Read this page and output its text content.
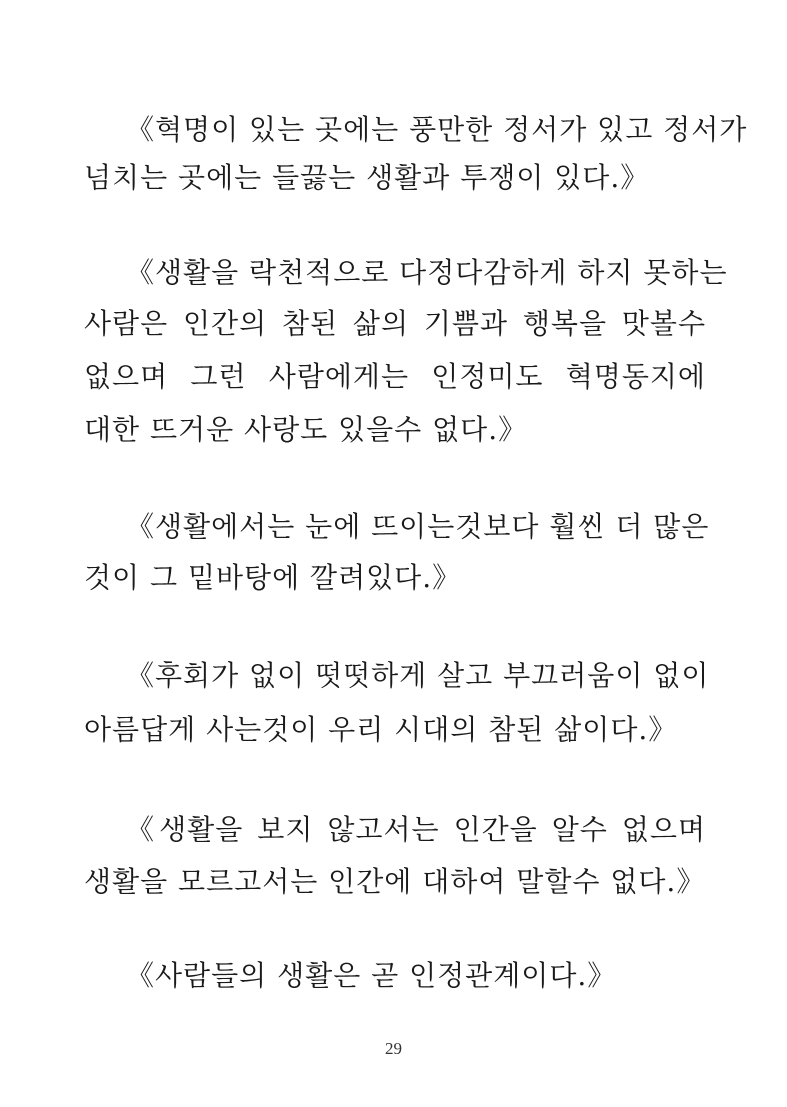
《혁명이 있는 곳에는 풍만한 정서가 있고 정서가
넘치는 곳에는 들끓는 생활과 투쟁이 있다.》
《생활을 락천적으로 다정다감하게 하지 못하는
사람은 인간의 참된 삶의 기쁨과 행복을 맛볼수
없으며 그런 사람에게는 인정미도 혁명동지에
대한 뜨거운 사랑도 있을수 없다.》
《생활에서는 눈에 뜨이는것보다 훨씬 더 많은
것이 그 밑바탕에 깔려있다.》
《후회가 없이 떳떳하게 살고 부끄러움이 없이
아름답게 사는것이 우리 시대의 참된 삶이다.》
《생활을 보지 않고서는 인간을 알수 없으며
생활을 모르고서는 인간에 대하여 말할수 없다.》
《사람들의 생활은 곧 인정관계이다.》
29
